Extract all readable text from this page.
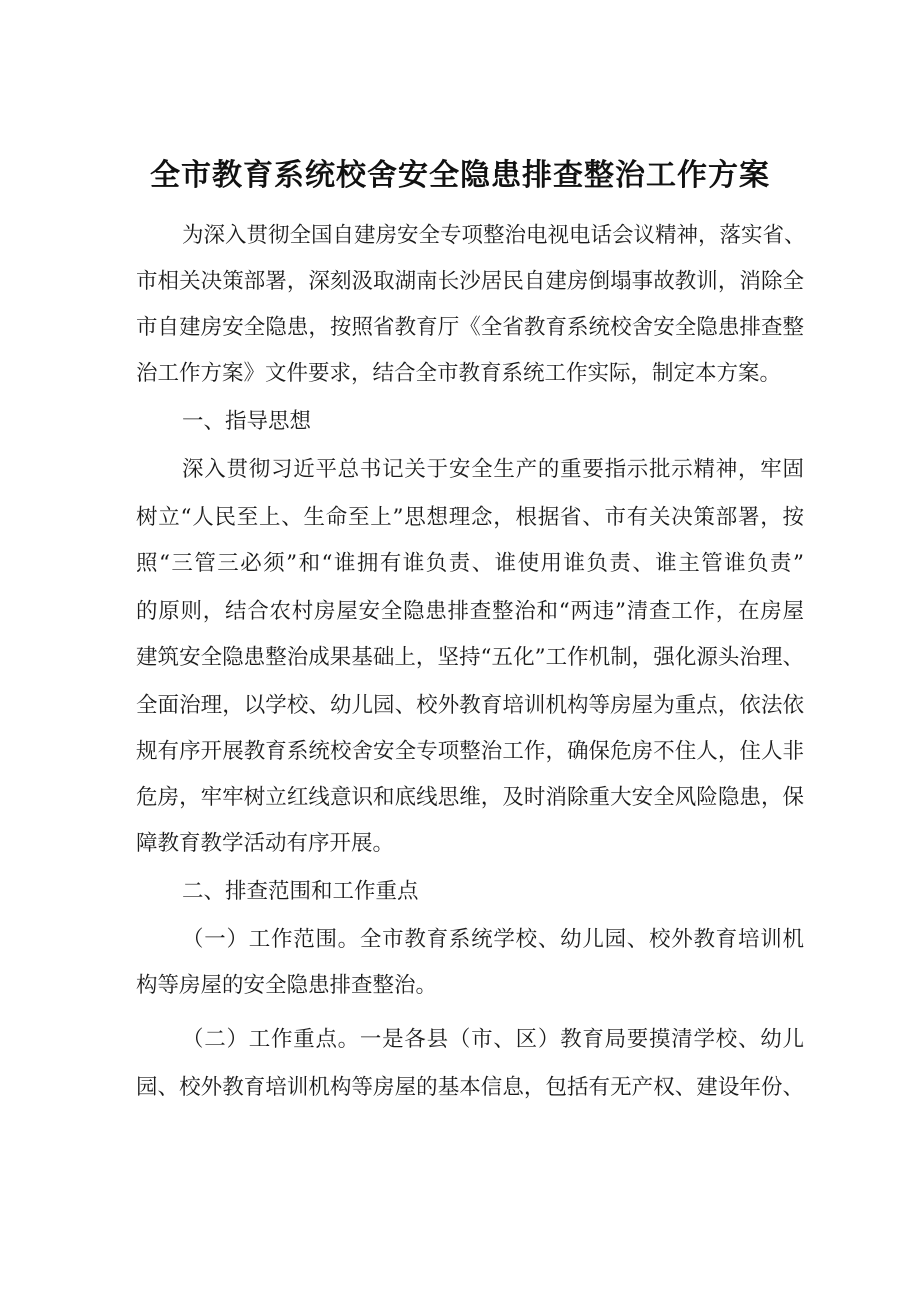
全市教育系统校舍安全隐患排查整治工作方案
为深入贯彻全国自建房安全专项整治电视电话会议精神，落实省、
市相关决策部署，深刻汲取湖南长沙居民自建房倒塌事故教训，消除全
市自建房安全隐患，按照省教育厅《全省教育系统校舍安全隐患排查整
治工作方案》文件要求，结合全市教育系统工作实际，制定本方案。
一、指导思想
深入贯彻习近平总书记关于安全生产的重要指示批示精神，牢固
树立“人民至上、生命至上”思想理念，根据省、市有关决策部署，按
照“三管三必须”和“谁拥有谁负责、谁使用谁负责、谁主管谁负责”
的原则，结合农村房屋安全隐患排查整治和“两违”清查工作，在房屋
建筑安全隐患整治成果基础上，坚持“五化”工作机制，强化源头治理、
全面治理，以学校、幼儿园、校外教育培训机构等房屋为重点，依法依
规有序开展教育系统校舍安全专项整治工作，确保危房不住人，住人非
危房，牢牢树立红线意识和底线思维，及时消除重大安全风险隐患，保
障教育教学活动有序开展。
二、排查范围和工作重点
（一）工作范围。全市教育系统学校、幼儿园、校外教育培训机
构等房屋的安全隐患排查整治。
（二）工作重点。一是各县（市、区）教育局要摸清学校、幼儿
园、校外教育培训机构等房屋的基本信息，包括有无产权、建设年份、
